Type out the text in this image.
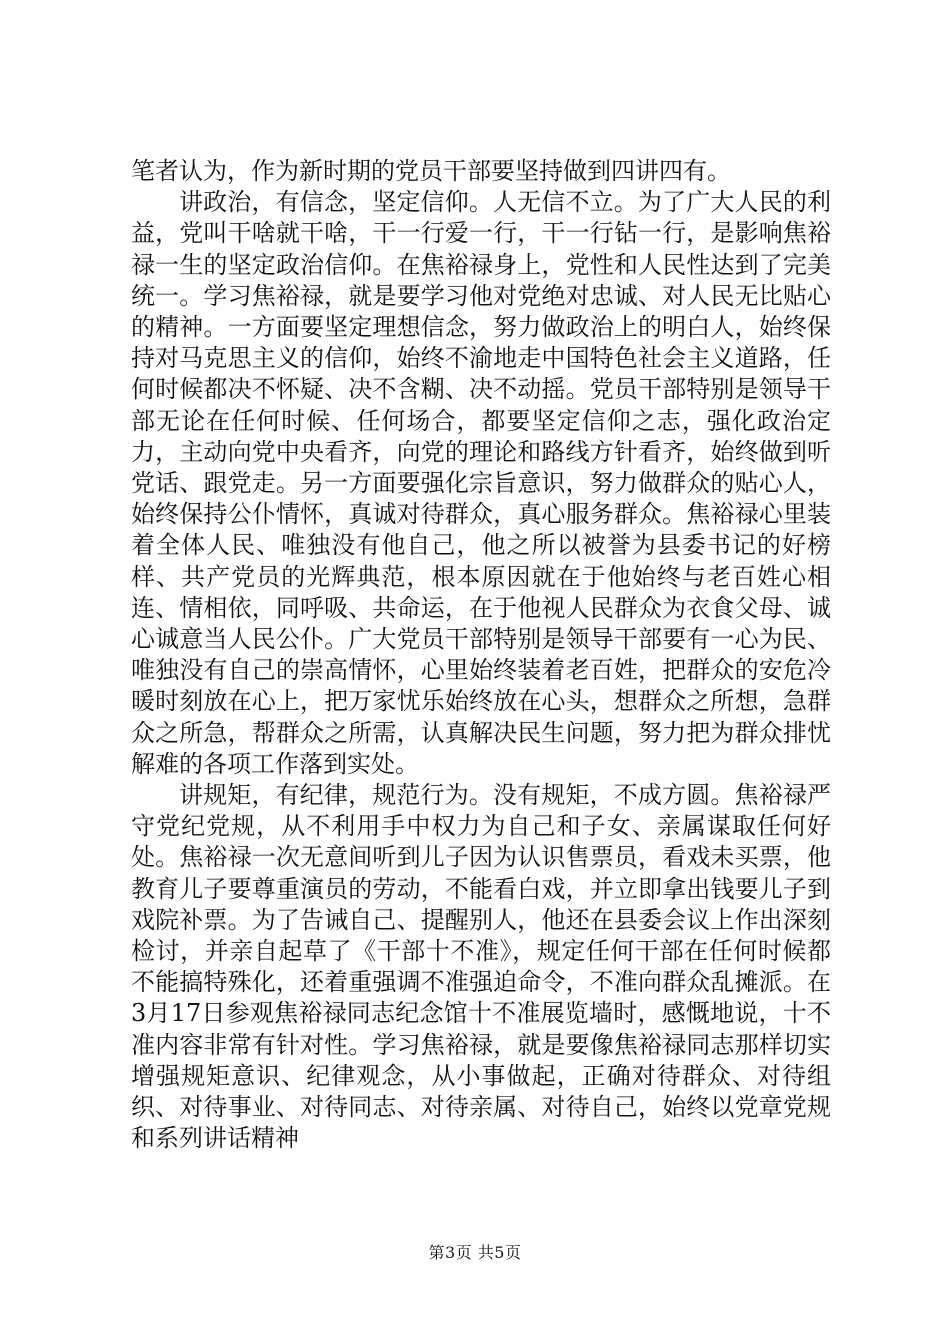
笔者认为，作为新时期的党员干部要坚持做到四讲四有。

讲政治，有信念，坚定信仰。人无信不立。为了广大人民的利益，党叫干啥就干啥，干一行爱一行，干一行钻一行，是影响焦裕禄一生的坚定政治信仰。在焦裕禄身上，党性和人民性达到了完美统一。学习焦裕禄，就是要学习他对党绝对忠诚、对人民无比贴心的精神。一方面要坚定理想信念，努力做政治上的明白人，始终保持对马克思主义的信仰，始终不渝地走中国特色社会主义道路，任何时候都决不怀疑、决不含糊、决不动摇。党员干部特别是领导干部无论在任何时候、任何场合，都要坚定信仰之志，强化政治定力，主动向党中央看齐，向党的理论和路线方针看齐，始终做到听党话、跟党走。另一方面要强化宗旨意识，努力做群众的贴心人，始终保持公仆情怀，真诚对待群众，真心服务群众。焦裕禄心里装着全体人民、唯独没有他自己，他之所以被誉为县委书记的好榜样、共产党员的光辉典范，根本原因就在于他始终与老百姓心相连、情相依，同呼吸、共命运，在于他视人民群众为衣食父母、诚心诚意当人民公仆。广大党员干部特别是领导干部要有一心为民、唯独没有自己的崇高情怀，心里始终装着老百姓，把群众的安危冷暖时刻放在心上，把万家忧乐始终放在心头，想群众之所想，急群众之所急，帮群众之所需，认真解决民生问题，努力把为群众排忧解难的各项工作落到实处。

讲规矩，有纪律，规范行为。没有规矩，不成方圆。焦裕禄严守党纪党规，从不利用手中权力为自己和子女、亲属谋取任何好处。焦裕禄一次无意间听到儿子因为认识售票员，看戏未买票，他教育儿子要尊重演员的劳动，不能看白戏，并立即拿出钱要儿子到戏院补票。为了告诫自己、提醒别人，他还在县委会议上作出深刻检讨，并亲自起草了《干部十不准》，规定任何干部在任何时候都不能搞特殊化，还着重强调不准强迫命令，不准向群众乱摊派。在3月17日参观焦裕禄同志纪念馆十不准展览墙时，感慨地说，十不准内容非常有针对性。学习焦裕禄，就是要像焦裕禄同志那样切实增强规矩意识、纪律观念，从小事做起，正确对待群众、对待组织、对待事业、对待同志、对待亲属、对待自己，始终以党章党规和系列讲话精神

第3页 共5页
